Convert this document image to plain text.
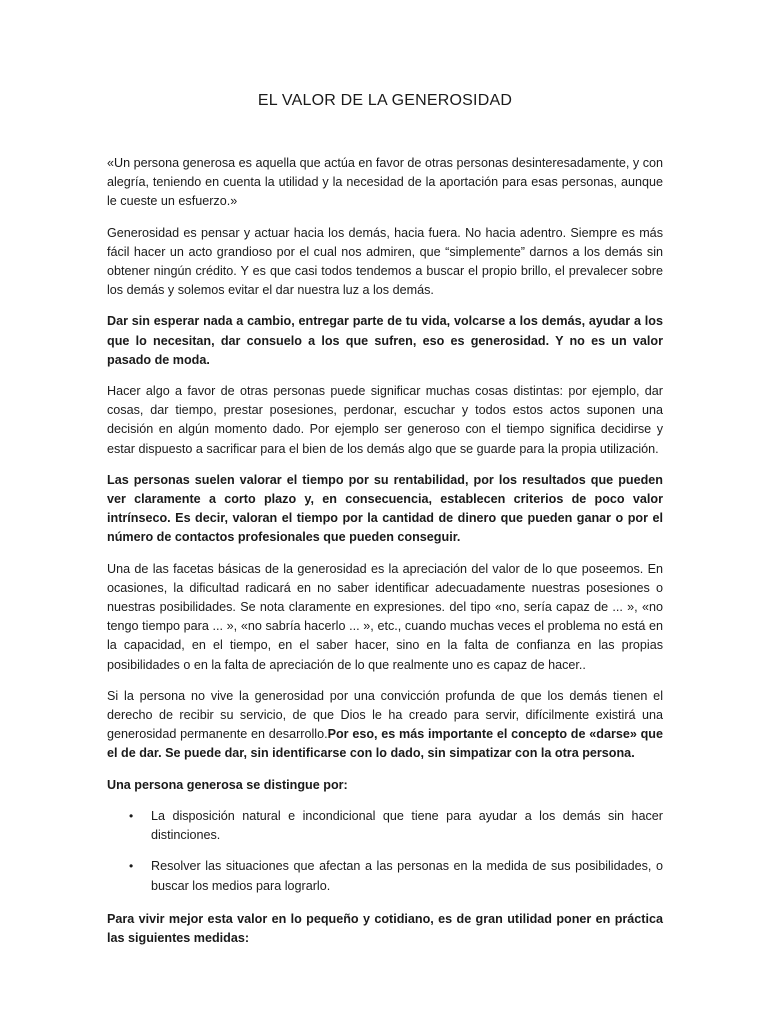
EL VALOR DE LA GENEROSIDAD

«Un persona generosa es aquella que actúa en favor de otras personas desinteresadamente, y con alegría, teniendo en cuenta la utilidad y la necesidad de la aportación para esas personas, aunque le cueste un esfuerzo.»

Generosidad es pensar y actuar hacia los demás, hacia fuera. No hacia adentro. Siempre es más fácil hacer un acto grandioso por el cual nos admiren, que “simplemente” darnos a los demás sin obtener ningún crédito. Y es que casi todos tendemos a buscar el propio brillo, el prevalecer sobre los demás y solemos evitar el dar nuestra luz a los demás.

Dar sin esperar nada a cambio, entregar parte de tu vida, volcarse a los demás, ayudar a los que lo necesitan, dar consuelo a los que sufren, eso es generosidad. Y no es un valor pasado de moda.

Hacer algo a favor de otras personas puede significar muchas cosas distintas: por ejemplo, dar cosas, dar tiempo, prestar posesiones, perdonar, escuchar y todos estos actos suponen una decisión en algún momento dado. Por ejemplo ser generoso con el tiempo significa decidirse y estar dispuesto a sacrificar para el bien de los demás algo que se guarde para la propia utilización.

Las personas suelen valorar el tiempo por su rentabilidad, por los resultados que pueden ver claramente a corto plazo y, en consecuencia, establecen criterios de poco valor intrínseco. Es decir, valoran el tiempo por la cantidad de dinero que pueden ganar o por el número de contactos profesionales que pueden conseguir.

Una de las facetas básicas de la generosidad es la apreciación del valor de lo que poseemos. En ocasiones, la dificultad radicará en no saber identificar adecuadamente nuestras posesiones o nuestras posibilidades. Se nota claramente en expresiones. del tipo «no, sería capaz de ... », «no tengo tiempo para ... », «no sabría hacerlo ... », etc., cuando muchas veces el problema no está en la capacidad, en el tiempo, en el saber hacer, sino en la falta de confianza en las propias posibilidades o en la falta de apreciación de lo que realmente uno es capaz de hacer..

Si la persona no vive la generosidad por una convicción profunda de que los demás tienen el derecho de recibir su servicio, de que Dios le ha creado para servir, difícilmente existirá una generosidad permanente en desarrollo.Por eso, es más importante el concepto de «darse» que el de dar. Se puede dar, sin identificarse con lo dado, sin simpatizar con la otra persona.

Una persona generosa se distingue por:

• La disposición natural e incondicional que tiene para ayudar a los demás sin hacer distinciones.
• Resolver las situaciones que afectan a las personas en la medida de sus posibilidades, o buscar los medios para lograrlo.

Para vivir mejor esta valor en lo pequeño y cotidiano, es de gran utilidad poner en práctica las siguientes medidas:
